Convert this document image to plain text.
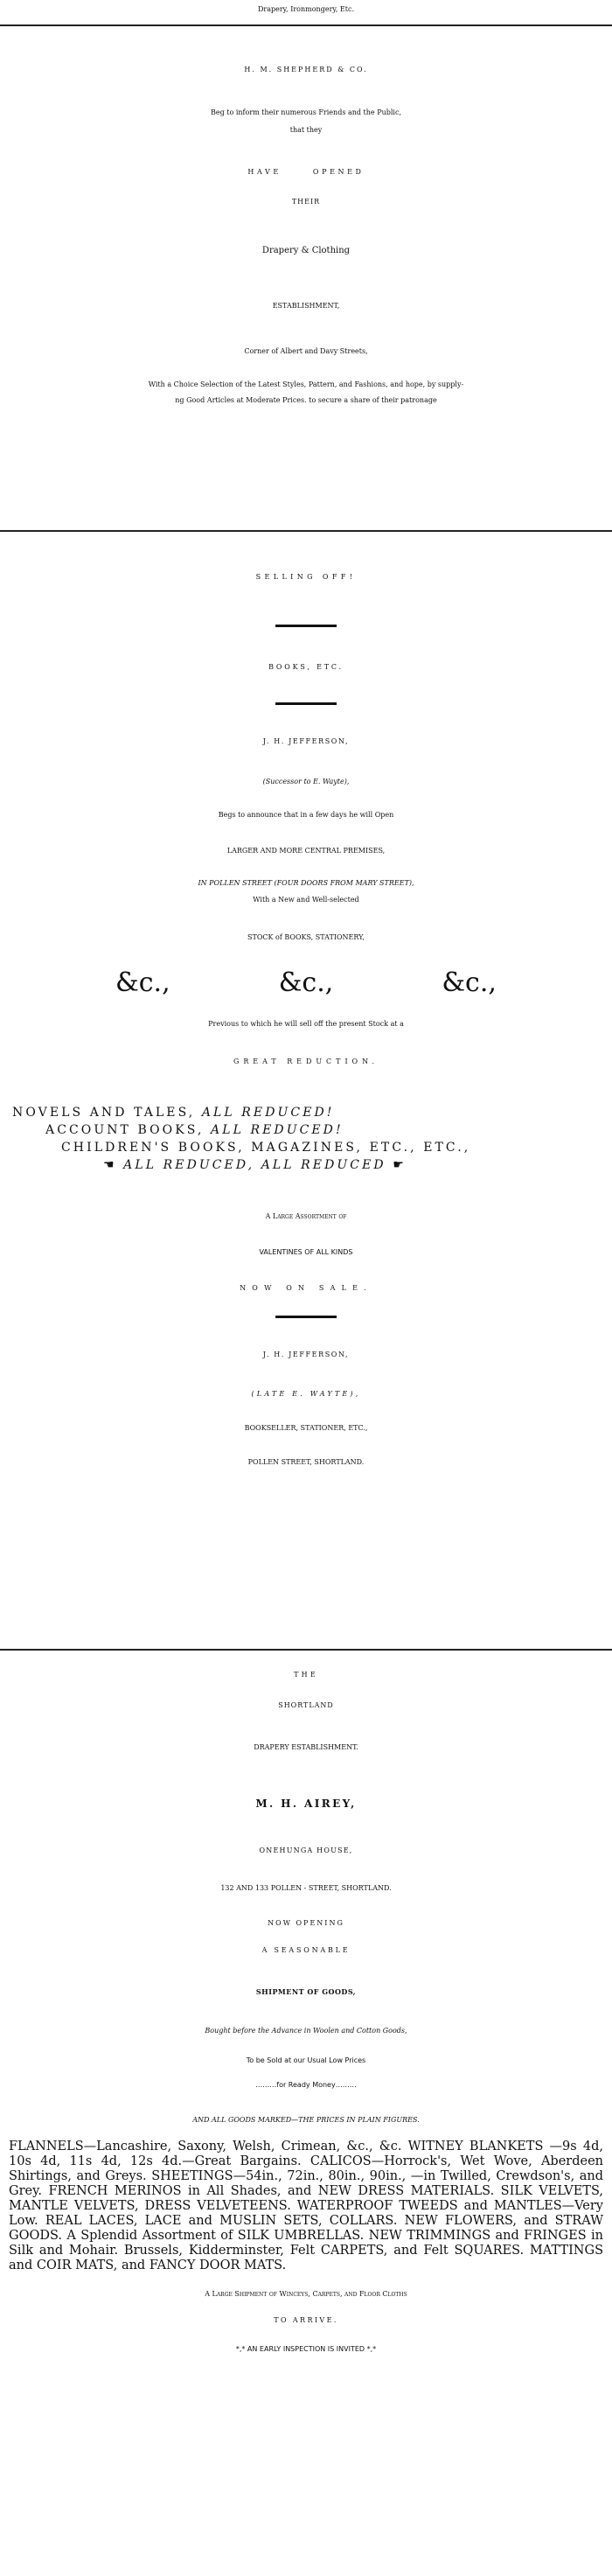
Drapery, Ironmongery, Etc.

H. M. SHEPHERD & CO.

Beg to inform their numerous Friends and the Public,

that they

HAVE OPENED

THEIR

Drapery & Clothing

ESTABLISHMENT,

Corner of Albert and Davy Streets,

With a Choice Selection of the Latest Styles, Pattern, and Fashions, and hope, by supply-

ng Good Articles at Moderate Prices. to secure a share of their patronage

SELLING OFF!

BOOKS, ETC.

J. H. JEFFERSON,

(Successor to E. Wayte),

Begs to announce that in a few days he will Open

LARGER AND MORE CENTRAL PREMISES,

IN POLLEN STREET (FOUR DOORS FROM MARY STREET),

With a New and Well-selected

STOCK of BOOKS, STATIONERY,

&c.,	&c.,	&c.,

Previous to which he will sell off the present Stock at a

GREAT REDUCTION.

NOVELS AND TALES, ALL REDUCED!
ACCOUNT BOOKS, ALL REDUCED!
CHILDREN'S BOOKS, MAGAZINES, ETC., ETC.,
☚ ALL REDUCED, ALL REDUCED ☛

A Large Assortment of

VALENTINES OF ALL KINDS

NOW ON SALE.

J. H. JEFFERSON,

(LATE E. WAYTE),

BOOKSELLER, STATIONER, ETC.,

POLLEN STREET, SHORTLAND.

THE

SHORTLAND

DRAPERY ESTABLISHMENT.

M. H. AIREY,

ONEHUNGA HOUSE,

132 AND 133 POLLEN - STREET, SHORTLAND.

NOW OPENING

A SEASONABLE

SHIPMENT OF GOODS,

Bought before the Advance in Woolen and Cotton Goods,

To be Sold at our Usual Low Prices

………for Ready Money………

AND ALL GOODS MARKED—THE PRICES IN PLAIN FIGURES.

FLANNELS—Lancashire, Saxony, Welsh, Crimean, &c., &c. WITNEY BLANKETS —9s 4d, 10s 4d, 11s 4d, 12s 4d.—Great Bargains. CALICOS—Horrock's, Wet Wove, Aberdeen Shirtings, and Greys. SHEETINGS—54in., 72in., 80in., 90in., —in Twilled, Crewdson's, and Grey. FRENCH MERINOS in All Shades, and NEW DRESS MATERIALS. SILK VELVETS, MANTLE VELVETS, DRESS VELVETEENS. WATERPROOF TWEEDS and MANTLES—Very Low. REAL LACES, LACE and MUSLIN SETS, COLLARS. NEW FLOWERS, and STRAW GOODS. A Splendid Assortment of SILK UMBRELLAS. NEW TRIMMINGS and FRINGES in Silk and Mohair. Brussels, Kidderminster, Felt CARPETS, and Felt SQUARES. MATTINGS and COIR MATS, and FANCY DOOR MATS.

A Large Shipment of Winceys, Carpets, and Floor Cloths

TO ARRIVE.

*,* AN EARLY INSPECTION IS INVITED *,*
